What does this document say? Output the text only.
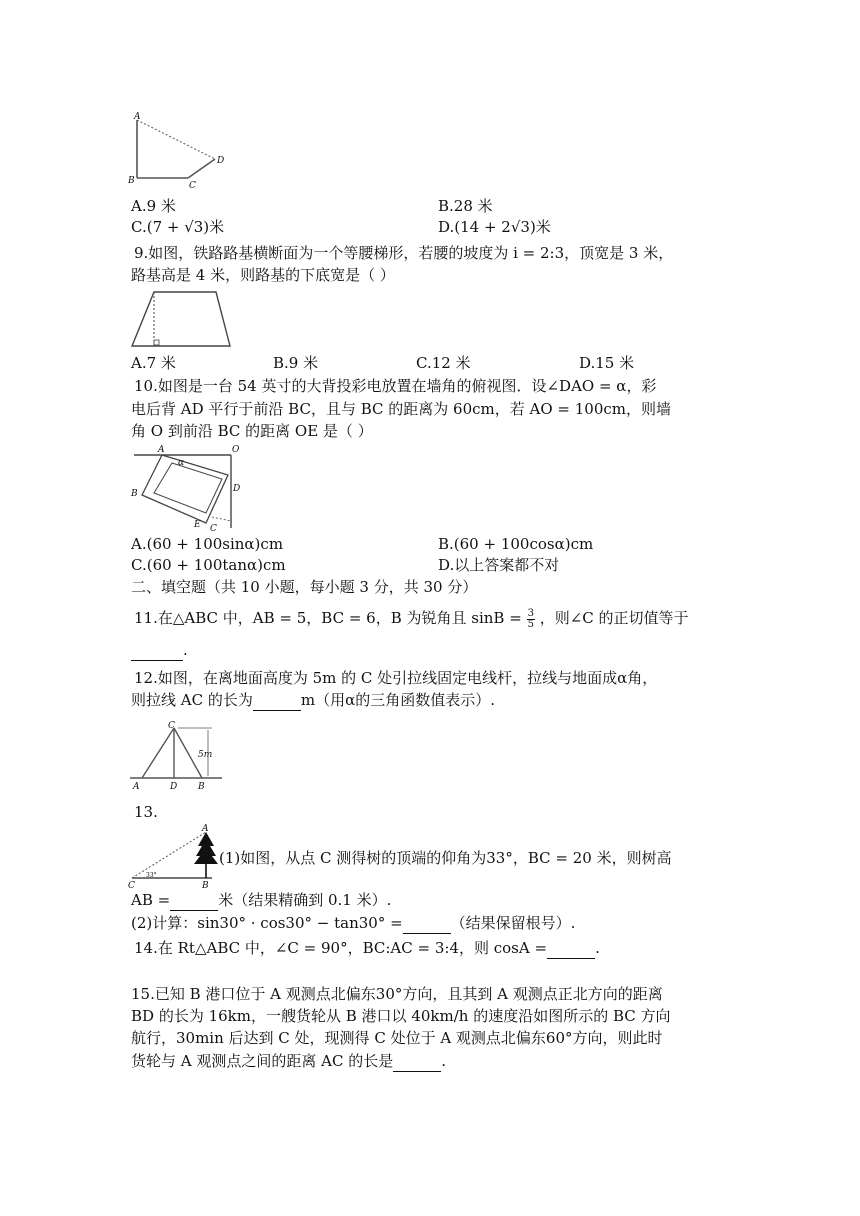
A
B	C
D
A.9 米	B.28 米
C.(7 + √3)米	D.(14 + 2√3)米
9.如图，铁路路基横断面为一个等腰梯形，若腰的坡度为 i = 2:3，顶宽是 3 米，
路基高是 4 米，则路基的下底宽是（ ）
A.7 米	B.9 米	C.12 米	D.15 米
10.如图是一台 54 英寸的大背投彩电放置在墙角的俯视图．设∠DAO = α，彩
电后背 AD 平行于前沿 BC，且与 BC 的距离为 60cm，若 AO = 100cm，则墙
角 O 到前沿 BC 的距离 OE 是（ ）
A
α
O
D
B
E C
A.(60 + 100sinα)cm	B.(60 + 100cosα)cm
C.(60 + 100tanα)cm	D.以上答案都不对
二、填空题（共 10 小题，每小题 3 分，共 30 分）
11.在△ABC 中，AB = 5，BC = 6，B 为锐角且 $\sin B = \frac{3}{5}$ ，则∠C 的正切值等于
.
12.如图，在离地面高度为 5m 的 C 处引拉线固定电线杆，拉线与地面成α角，
则拉线 AC 的长为	m（用α的三角函数值表示）.
C
5m
A	D B
13.
A
C
33°
B
(1)如图，从点 C 测得树的顶端的仰角为33°，BC = 20 米，则树高
AB =	米（结果精确到 0.1 米）.
(2)计算：sin30° · cos30° − tan30° =	（结果保留根号）.
14.在 Rt△ABC 中，∠C = 90°，BC:AC = 3:4，则 cosA =	.
15.已知 B 港口位于 A 观测点北偏东30°方向，且其到 A 观测点正北方向的距离
BD 的长为 16km，一艘货轮从 B 港口以 40km/h 的速度沿如图所示的 BC 方向
航行，30min 后达到 C 处，现测得 C 处位于 A 观测点北偏东60°方向，则此时
货轮与 A 观测点之间的距离 AC 的长是	.
